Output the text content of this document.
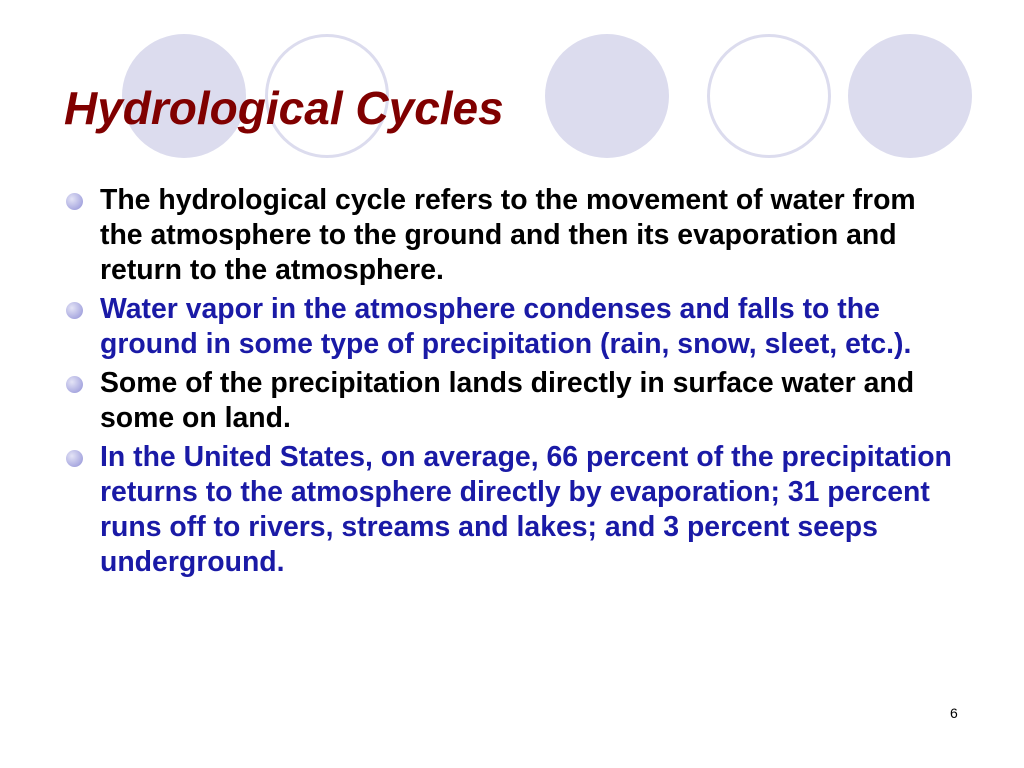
Hydrological Cycles
The hydrological cycle refers to the movement of water from the atmosphere to the ground and then its evaporation and return to the atmosphere.
Water vapor in the atmosphere condenses and falls to the ground in some type of precipitation (rain, snow, sleet, etc.).
Some of the precipitation lands directly in surface water and some on land.
In the United States, on average, 66 percent of the precipitation returns to the atmosphere directly by evaporation; 31 percent runs off to rivers, streams and lakes; and 3 percent seeps underground.
6
